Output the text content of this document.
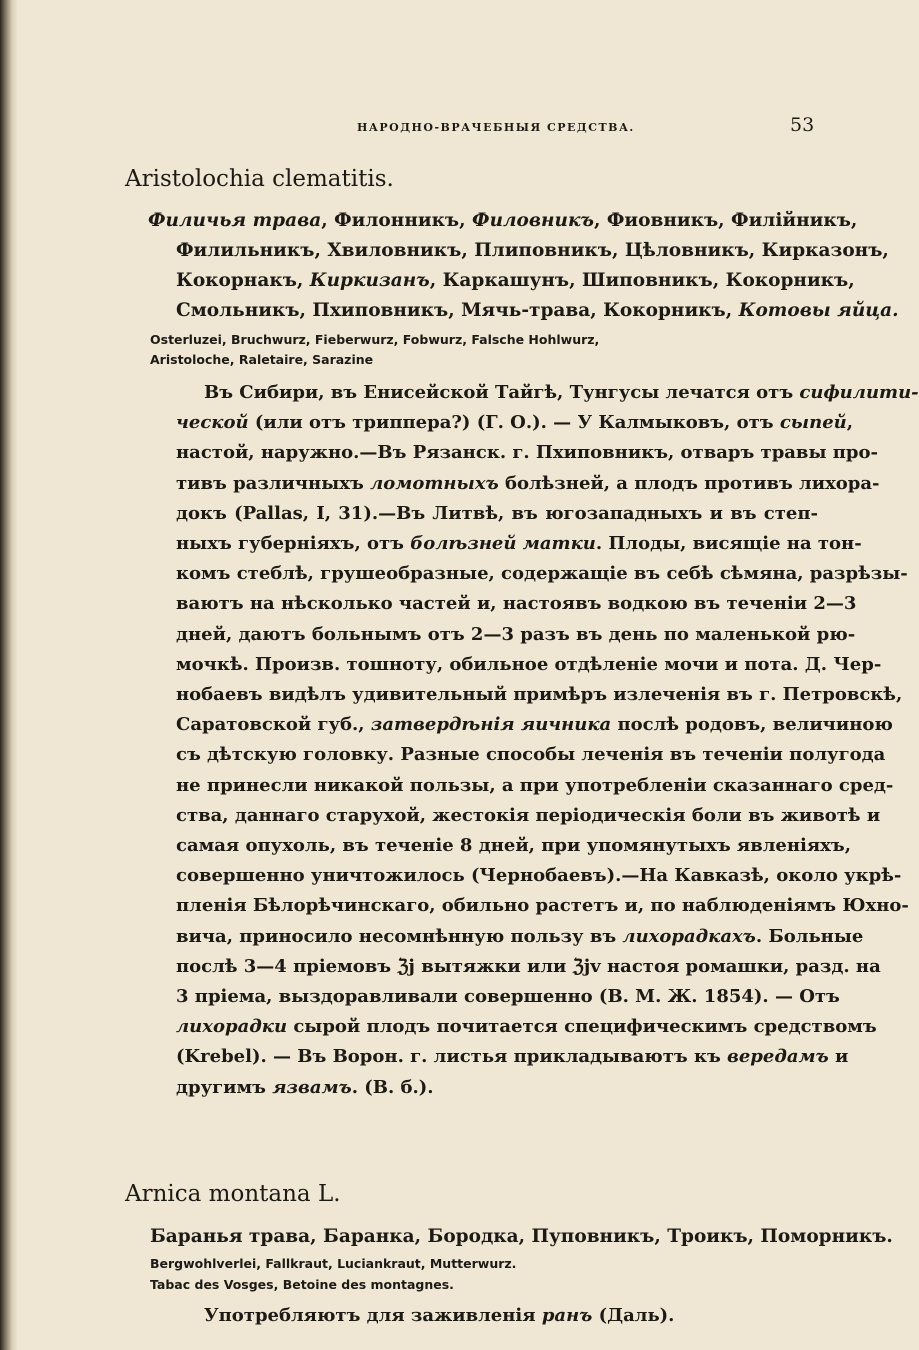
НАРОДНО-ВРАЧЕБНЫЯ СРЕДСТВА.	53
Aristolochia clematitis.
Филичья трава, Филонникъ, Филовникъ, Фиoвникъ, Филійникъ,
Филильникъ, Хвиловникъ, Плиповникъ, Цѣловникъ, Кирказонъ,
Кокорнакъ, Киркизанъ, Каркашунъ, Шиповникъ, Кокорникъ,
Смольникъ, Пхиповникъ, Мячь-трава, Кокорникъ, Котовы яйца.
Osterluzei, Bruchwurz, Fieberwurz, Fobwurz, Falsche Hohlwurz,
Aristoloche, Raletaire, Sarazine
Въ Сибири, въ Енисейской Тайгѣ, Тунгусы лечатся отъ сифилити-
ческой (или отъ триппера?) (Г. О.). — У Калмыковъ, отъ сыпей,
настой, наружно.—Въ Рязанск. г. Пхиповникъ, отваръ травы про-
тивъ различныхъ ломотныхъ болѣзней, а плодъ противъ лихора-
докъ (Pallas, I, 31).—Въ Литвѣ, въ югозападныхъ и въ степ-
ныхъ губерніяхъ, отъ болѣзней матки. Плоды, висящіе на тон-
комъ стеблѣ, грушеобразные, содержащіе въ себѣ сѣмяна, разрѣзы-
ваютъ на нѣсколько частей и, настоявъ водкою въ теченіи 2—3
дней, даютъ больнымъ отъ 2—3 разъ въ день по маленькой рю-
мочкѣ. Произв. тошноту, обильное отдѣленіе мочи и пота. Д. Чер-
нобаевъ видѣлъ удивительный примѣръ излеченія въ г. Петровскѣ,
Саратовской губ., затвердѣнія яичника послѣ родовъ, величиною
съ дѣтскую головку. Разные способы леченія въ теченіи полугода
не принесли никакой пользы, а при употребленіи сказаннаго сред-
ства, даннаго старухой, жестокія періодическія боли въ животѣ и
самая опухоль, въ теченіе 8 дней, при упомянутыхъ явленіяхъ,
совершенно уничтожилось (Чернобаевъ).—На Кавказѣ, около укрѣ-
пленія Бѣлорѣчинскаго, обильно растетъ и, по наблюденіямъ Юхно-
вича, приносило несомнѣнную пользу въ лихорадкахъ. Больные
послѣ 3—4 пріемовъ ℨj вытяжки или ℨjv настоя ромашки, разд. на
3 пріема, выздоравливали совершенно (В. М. Ж. 1854). — Отъ
лихорадки сырой плодъ почитается специфическимъ средствомъ
(Krebel). — Въ Ворон. г. листья прикладываютъ къ вередамъ и
другимъ язвамъ. (В. б.).
Arnica montana L.
Баранья трава, Баранка, Бородка, Пуповникъ, Троикъ, Поморникъ.
Bergwohlverlei, Fallkraut, Luciankraut, Mutterwurz.
Tabac des Vosges, Betoine des montagnes.
Употребляютъ для заживленія ранъ (Даль).
